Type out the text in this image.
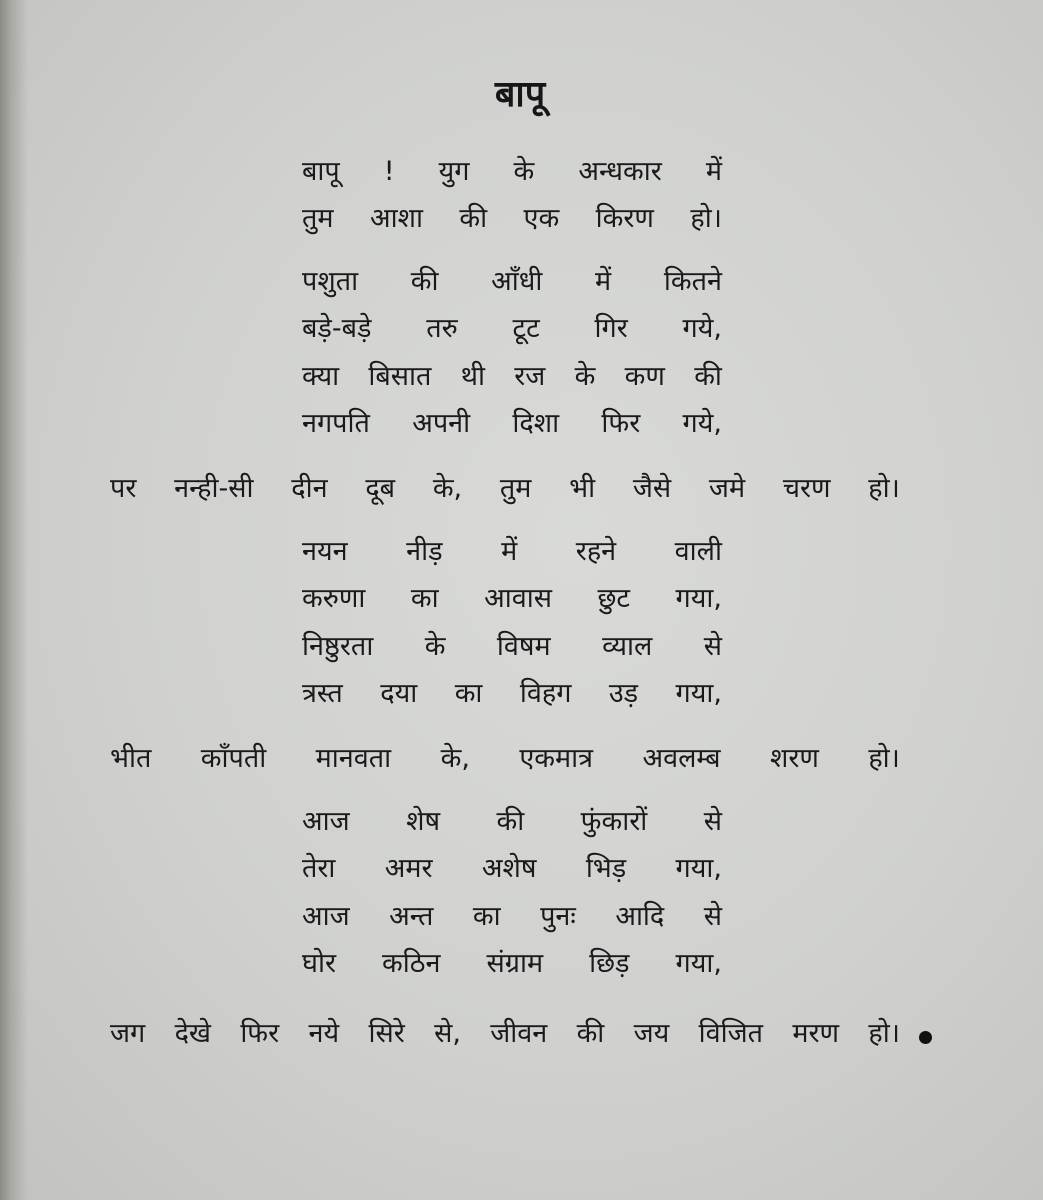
बापू
बापू ! युग के अन्धकार में
तुम आशा की एक किरण हो।
पशुता की आँधी में कितने
बड़े-बड़े तरु टूट गिर गये,
क्या बिसात थी रज के कण की
नगपति अपनी दिशा फिर गये,
पर नन्ही-सी दीन दूब के, तुम भी जैसे जमे चरण हो।
नयन नीड़ में रहने वाली
करुणा का आवास छुट गया,
निष्ठुरता के विषम व्याल से
त्रस्त दया का विहग उड़ गया,
भीत काँपती मानवता के, एकमात्र अवलम्ब शरण हो।
आज शेष की फुंकारों से
तेरा अमर अशेष भिड़ गया,
आज अन्त का पुनः आदि से
घोर कठिन संग्राम छिड़ गया,
जग देखे फिर नये सिरे से, जीवन की जय विजित मरण हो।
